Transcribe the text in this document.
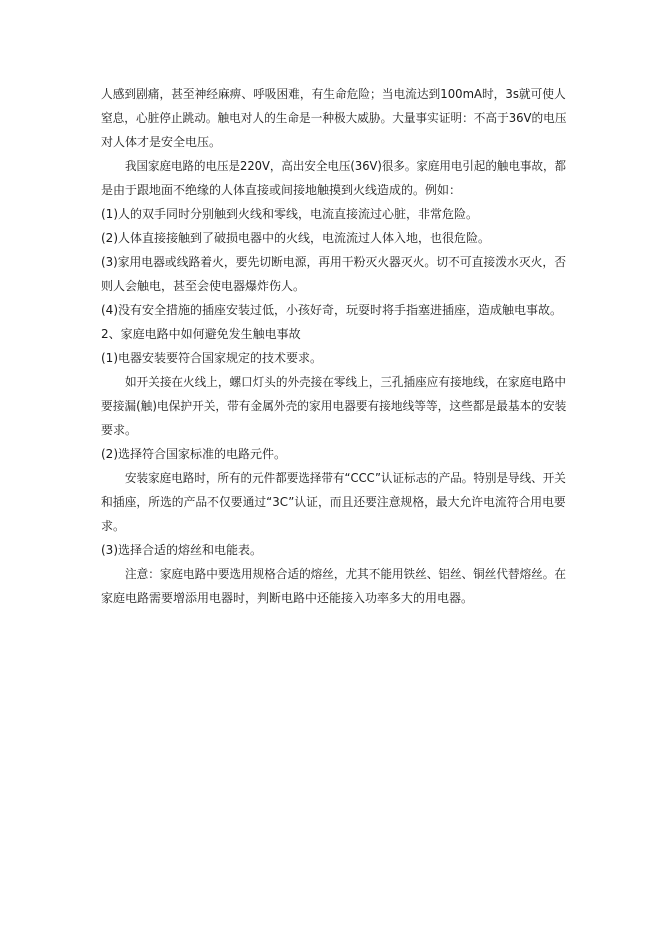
人感到剧痛，甚至神经麻痹、呼吸困难，有生命危险；当电流达到100mA时，3s就可使人
窒息，心脏停止跳动。触电对人的生命是一种极大威胁。大量事实证明：不高于36V的电压
对人体才是安全电压。
我国家庭电路的电压是220V，高出安全电压(36V)很多。家庭用电引起的触电事故，都
是由于跟地面不绝缘的人体直接或间接地触摸到火线造成的。例如：
(1)人的双手同时分别触到火线和零线，电流直接流过心脏，非常危险。
(2)人体直接接触到了破损电器中的火线，电流流过人体入地，也很危险。
(3)家用电器或线路着火，要先切断电源，再用干粉灭火器灭火。切不可直接泼水灭火，否
则人会触电，甚至会使电器爆炸伤人。
(4)没有安全措施的插座安装过低，小孩好奇，玩耍时将手指塞进插座，造成触电事故。
2、家庭电路中如何避免发生触电事故
(1)电器安装要符合国家规定的技术要求。
如开关接在火线上，螺口灯头的外壳接在零线上，三孔插座应有接地线，在家庭电路中
要接漏(触)电保护开关，带有金属外壳的家用电器要有接地线等等，这些都是最基本的安装
要求。
(2)选择符合国家标准的电路元件。
安装家庭电路时，所有的元件都要选择带有“CCC”认证标志的产品。特别是导线、开关
和插座，所选的产品不仅要通过“3C”认证，而且还要注意规格，最大允许电流符合用电要
求。
(3)选择合适的熔丝和电能表。
注意：家庭电路中要选用规格合适的熔丝，尤其不能用铁丝、铝丝、铜丝代替熔丝。在
家庭电路需要增添用电器时，判断电路中还能接入功率多大的用电器。
